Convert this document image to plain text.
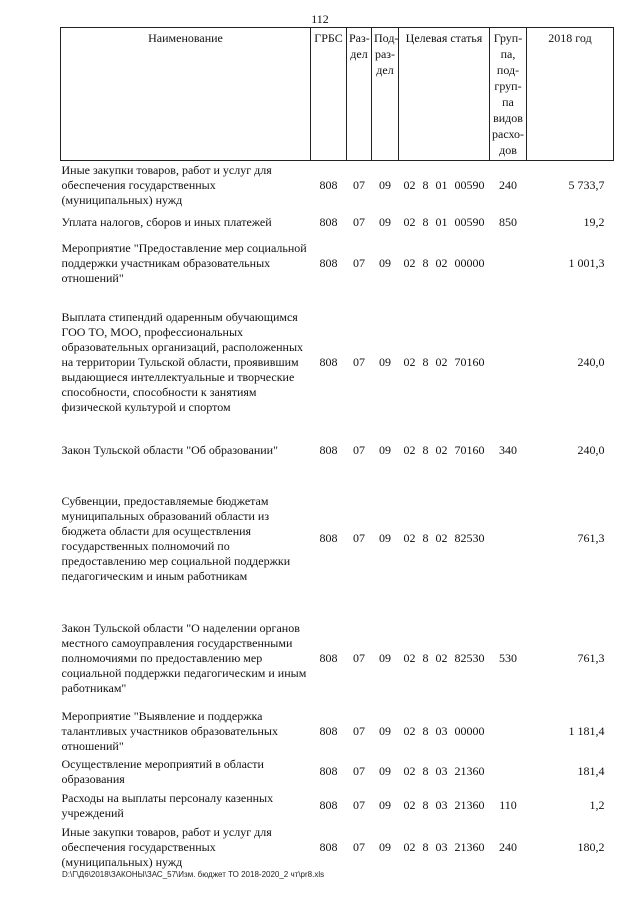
112
Наименование	ГРБС	Раз-дел	Под-раз-дел	Целевая статья	Груп-па, под-груп-па видов расхо-дов	2018 год
Иные закупки товаров, работ и услуг для обеспечения государственных (муниципальных) нужд	808	07	09	02 8 01 00590	240	5 733,7
Уплата налогов, сборов и иных платежей	808	07	09	02 8 01 00590	850	19,2
Мероприятие "Предоставление мер социальной поддержки участникам образовательных отношений"	808	07	09	02 8 02 00000		1 001,3
Выплата стипендий одаренным обучающимся ГОО ТО, МОО, профессиональных образовательных организаций, расположенных на территории Тульской области, проявившим выдающиеся интеллектуальные и творческие способности, способности к занятиям физической культурой и спортом	808	07	09	02 8 02 70160		240,0
Закон Тульской области "Об образовании"	808	07	09	02 8 02 70160	340	240,0
Субвенции, предоставляемые бюджетам муниципальных образований области из бюджета области для осуществления государственных полномочий по предоставлению мер социальной поддержки педагогическим и иным работникам	808	07	09	02 8 02 82530		761,3
Закон Тульской области "О наделении органов местного самоуправления государственными полномочиями по предоставлению мер социальной поддержки педагогическим и иным работникам"	808	07	09	02 8 02 82530	530	761,3
Мероприятие "Выявление и поддержка талантливых участников образовательных отношений"	808	07	09	02 8 03 00000		1 181,4
Осуществление мероприятий в области образования	808	07	09	02 8 03 21360		181,4
Расходы на выплаты персоналу казенных учреждений	808	07	09	02 8 03 21360	110	1,2
Иные закупки товаров, работ и услуг для обеспечения государственных (муниципальных) нужд	808	07	09	02 8 03 21360	240	180,2
D:\Г\Д6\2018\ЗАКОНЫ\ЗАС_57\Изм. бюджет ТО 2018-2020_2 чт\pr8.xls
